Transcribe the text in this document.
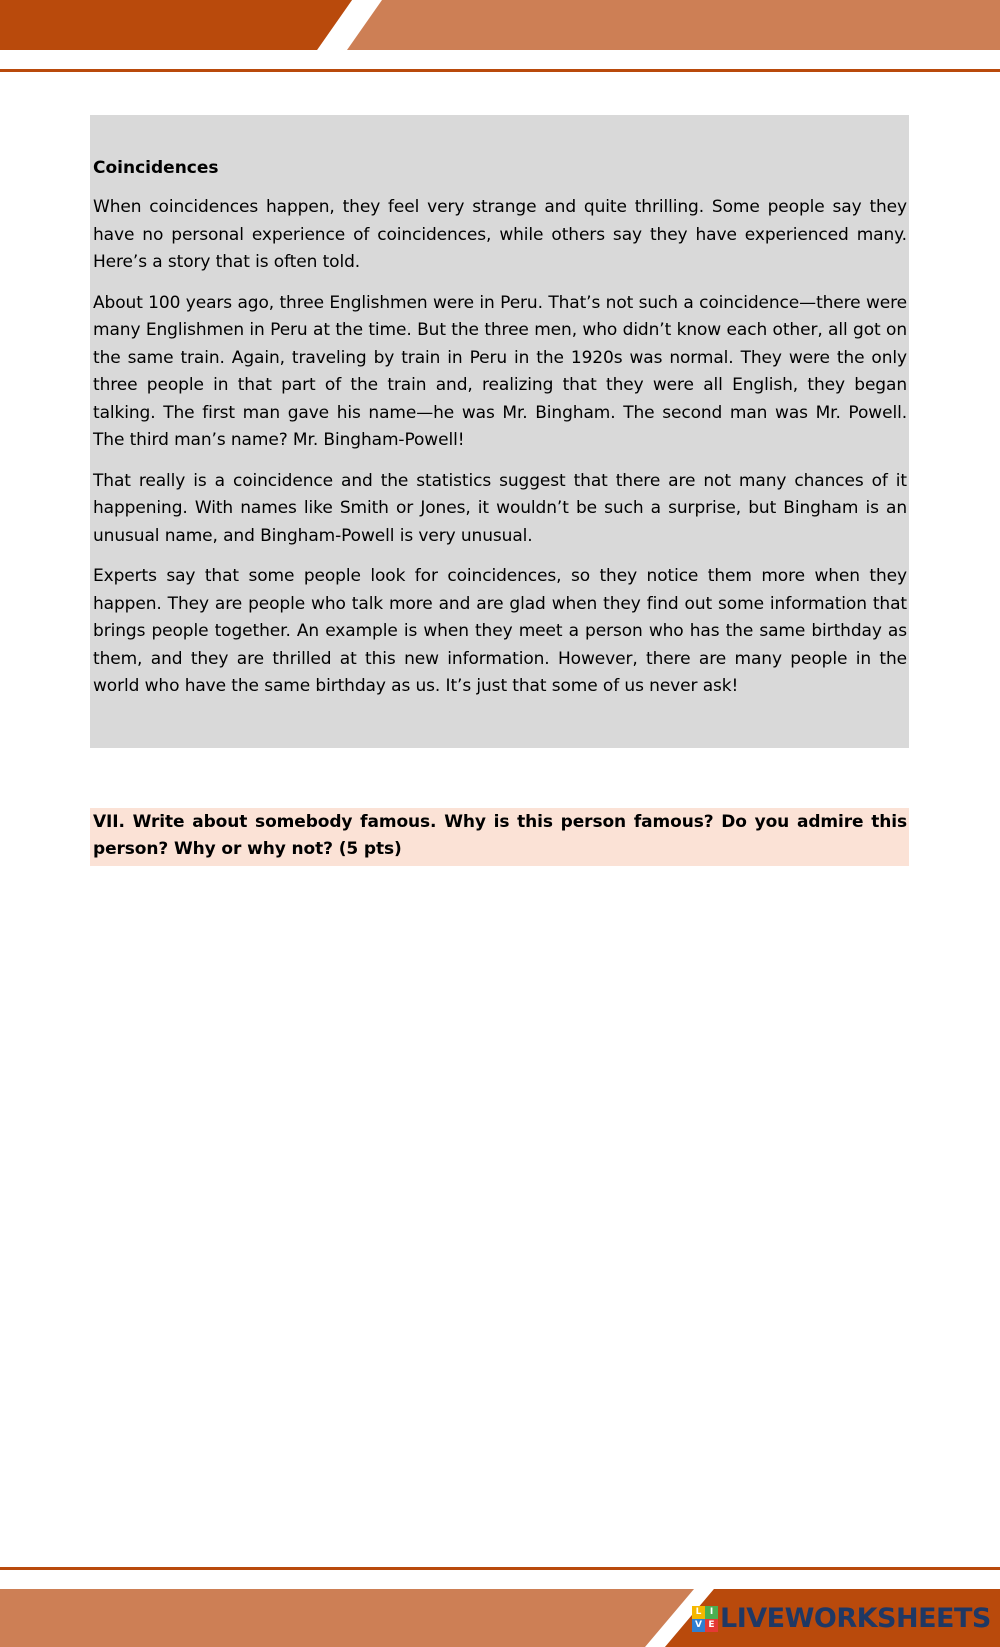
Coincidences

When coincidences happen, they feel very strange and quite thrilling. Some people say they have no personal experience of coincidences, while others say they have experienced many. Here’s a story that is often told.

About 100 years ago, three Englishmen were in Peru. That’s not such a coincidence—there were many Englishmen in Peru at the time. But the three men, who didn’t know each other, all got on the same train. Again, traveling by train in Peru in the 1920s was normal. They were the only three people in that part of the train and, realizing that they were all English, they began talking. The first man gave his name—he was Mr. Bingham. The second man was Mr. Powell. The third man’s name? Mr. Bingham-Powell!

That really is a coincidence and the statistics suggest that there are not many chances of it happening. With names like Smith or Jones, it wouldn’t be such a surprise, but Bingham is an unusual name, and Bingham-Powell is very unusual.

Experts say that some people look for coincidences, so they notice them more when they happen. They are people who talk more and are glad when they find out some information that brings people together. An example is when they meet a person who has the same birthday as them, and they are thrilled at this new information. However, there are many people in the world who have the same birthday as us. It’s just that some of us never ask!

VII. Write about somebody famous. Why is this person famous? Do you admire this person? Why or why not? (5 pts)
L I
V E LIVEWORKSHEETS
